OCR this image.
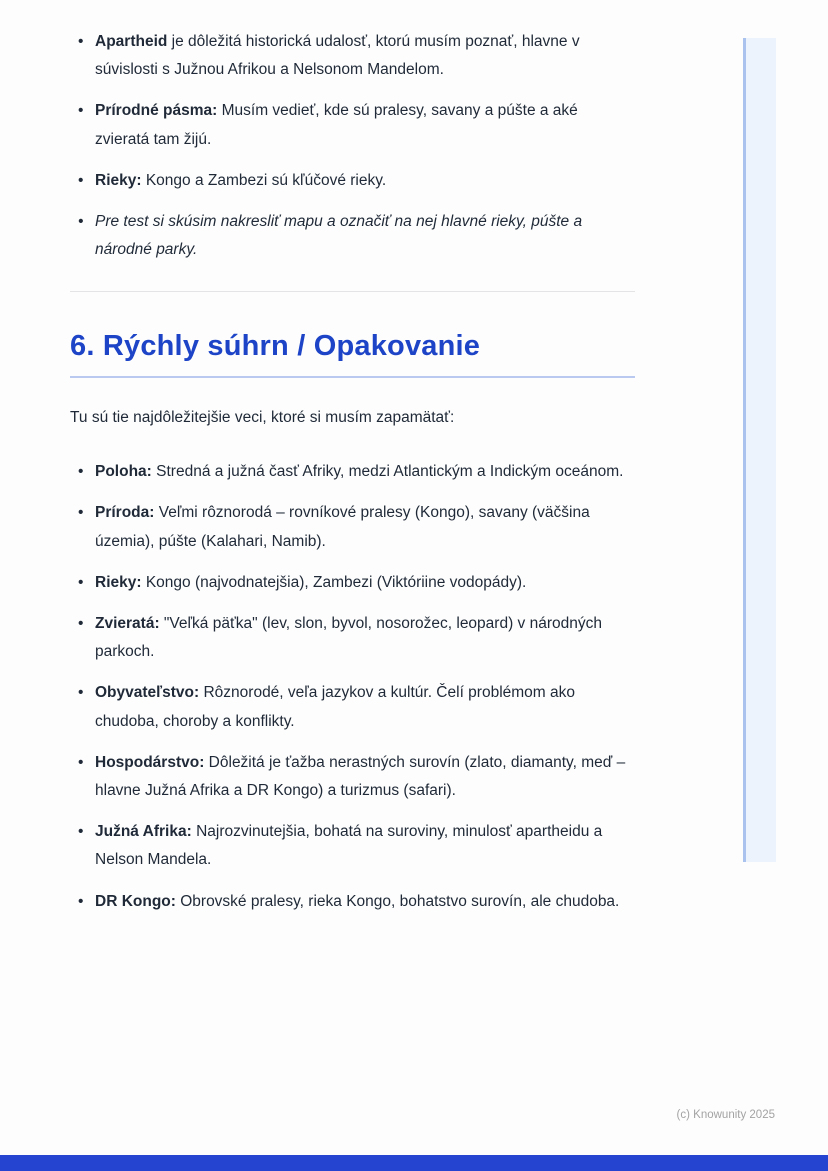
• Apartheid je dôležitá historická udalosť, ktorú musím poznať, hlavne v súvislosti s Južnou Afrikou a Nelsonom Mandelom.
• Prírodné pásma: Musím vedieť, kde sú pralesy, savany a púšte a aké zvieratá tam žijú.
• Rieky: Kongo a Zambezi sú kľúčové rieky.
• Pre test si skúsim nakresliť mapu a označiť na nej hlavné rieky, púšte a národné parky.
6. Rýchly súhrn / Opakovanie

Tu sú tie najdôležitejšie veci, ktoré si musím zapamätať:

• Poloha: Stredná a južná časť Afriky, medzi Atlantickým a Indickým oceánom.
• Príroda: Veľmi rôznorodá – rovníkové pralesy (Kongo), savany (väčšina územia), púšte (Kalahari, Namib).
• Rieky: Kongo (najvodnatejšia), Zambezi (Viktóriine vodopády).
• Zvieratá: "Veľká päťka" (lev, slon, byvol, nosorožec, leopard) v národných parkoch.
• Obyvateľstvo: Rôznorodé, veľa jazykov a kultúr. Čelí problémom ako chudoba, choroby a konflikty.
• Hospodárstvo: Dôležitá je ťažba nerastných surovín (zlato, diamanty, meď – hlavne Južná Afrika a DR Kongo) a turizmus (safari).
• Južná Afrika: Najrozvinutejšia, bohatá na suroviny, minulosť apartheidu a Nelson Mandela.
• DR Kongo: Obrovské pralesy, rieka Kongo, bohatstvo surovín, ale chudoba.
(c) Knowunity 2025
